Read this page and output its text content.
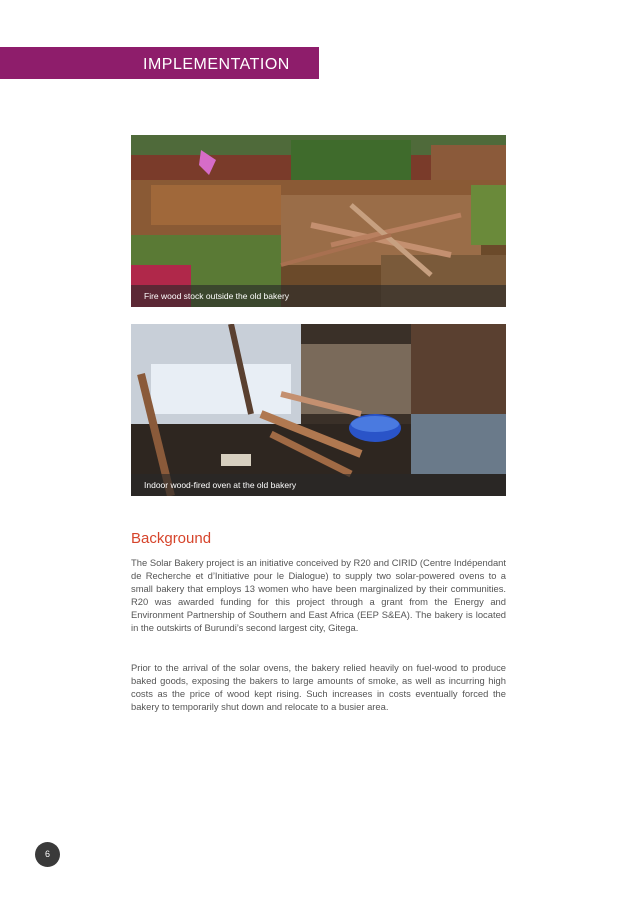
IMPLEMENTATION
Fire wood stock outside the old bakery
Indoor wood-fired oven at the old bakery
Background

The Solar Bakery project is an initiative conceived by R20 and CIRID (Centre Indépendant de Recherche et d’Initiative pour le Dialogue) to supply two solar-powered ovens to a small bakery that employs 13 women who have been marginalized by their communities. R20 was awarded funding for this project through a grant from the Energy and Environment Partnership of Southern and East Africa (EEP S&EA). The bakery is located in the outskirts of Burundi’s second largest city, Gitega.

Prior to the arrival of the solar ovens, the bakery relied heavily on fuel-wood to produce baked goods, exposing the bakers to large amounts of smoke, as well as incurring high costs as the price of wood kept rising. Such increases in costs eventually forced the bakery to temporarily shut down and relocate to a busier area.

6
